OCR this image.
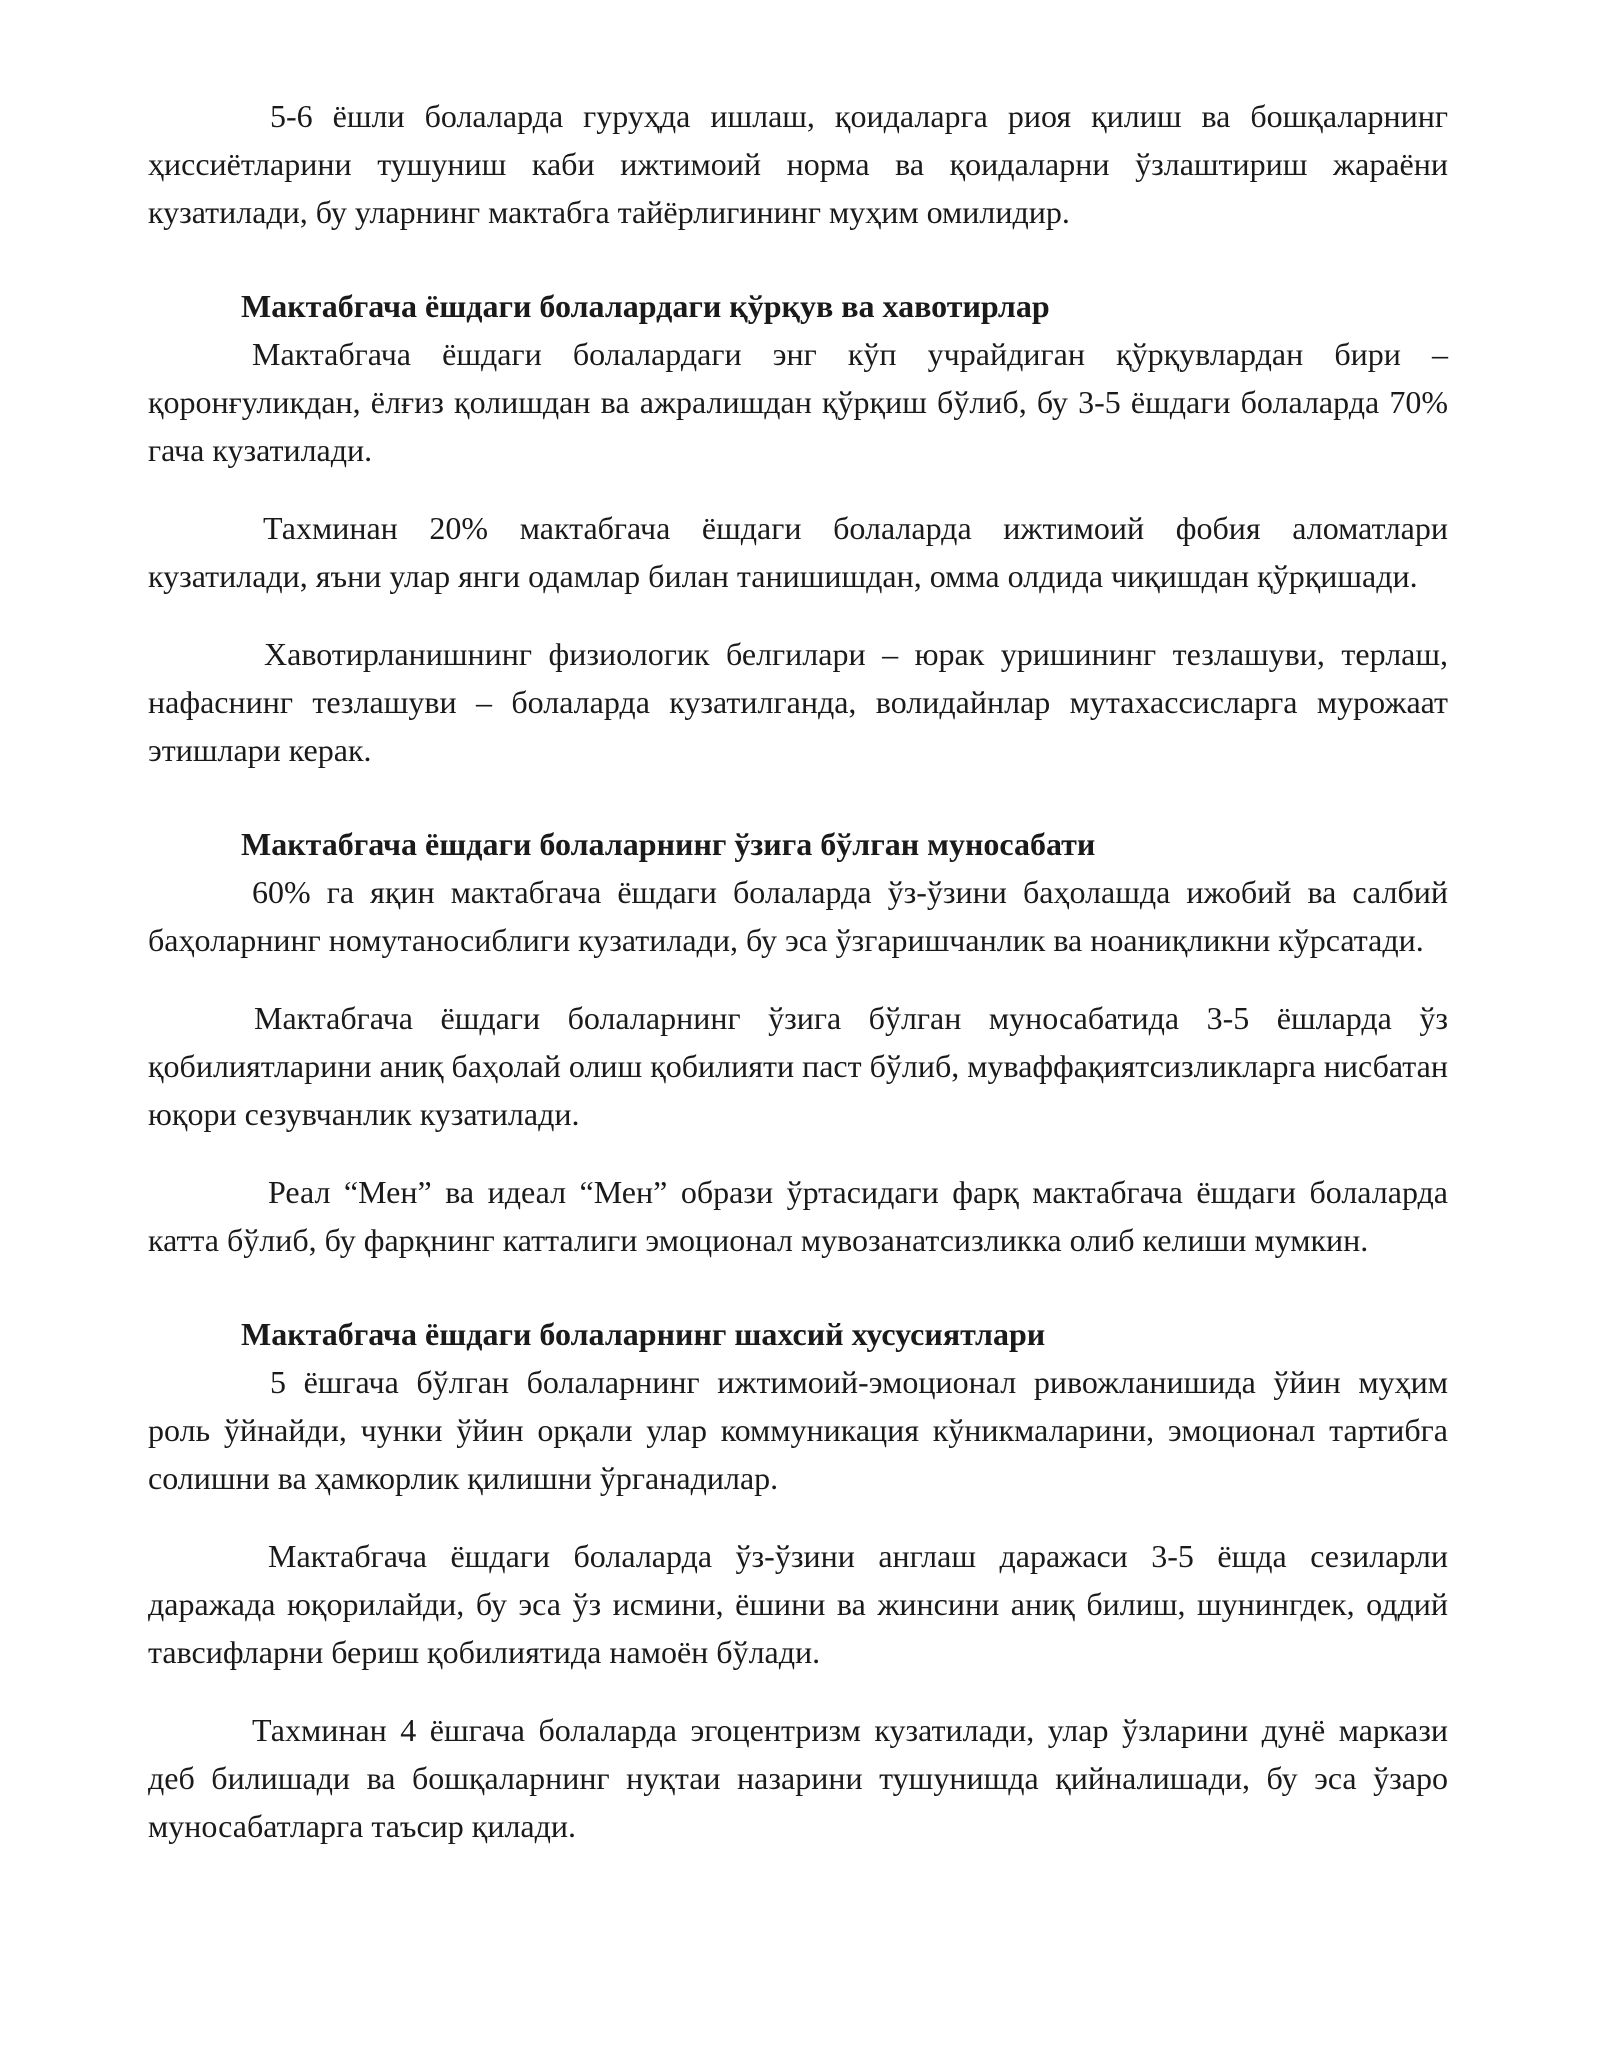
5-6 ёшли болаларда гуруҳда ишлаш, қоидаларга риоя қилиш ва бошқаларнинг ҳиссиётларини тушуниш каби ижтимоий норма ва қоидаларни ўзлаштириш жараёни кузатилади, бу уларнинг мактабга тайёрлигининг муҳим омилидир.

Мактабгача ёшдаги болалардаги қўрқув ва хавотирлар

Мактабгача ёшдаги болалардаги энг кўп учрайдиган қўрқувлардан бири – қоронғуликдан, ёлғиз қолишдан ва ажралишдан қўрқиш бўлиб, бу 3-5 ёшдаги болаларда 70% гача кузатилади.

Тахминан 20% мактабгача ёшдаги болаларда ижтимоий фобия аломатлари кузатилади, яъни улар янги одамлар билан танишишдан, омма олдида чиқишдан қўрқишади.

Хавотирланишнинг физиологик белгилари – юрак уришининг тезлашуви, терлаш, нафаснинг тезлашуви – болаларда кузатилганда, волидайнлар мутахассисларга мурожаат этишлари керак.

Мактабгача ёшдаги болаларнинг ўзига бўлган муносабати

60% га яқин мактабгача ёшдаги болаларда ўз-ўзини баҳолашда ижобий ва салбий баҳоларнинг номутаносиблиги кузатилади, бу эса ўзгаришчанлик ва ноаниқликни кўрсатади.

Мактабгача ёшдаги болаларнинг ўзига бўлган муносабатида 3-5 ёшларда ўз қобилиятларини аниқ баҳолай олиш қобилияти паст бўлиб, муваффақиятсизликларга нисбатан юқори сезувчанлик кузатилади.

Реал “Мен” ва идеал “Мен” образи ўртасидаги фарқ мактабгача ёшдаги болаларда катта бўлиб, бу фарқнинг катталиги эмоционал мувозанатсизликка олиб келиши мумкин.

Мактабгача ёшдаги болаларнинг шахсий хусусиятлари

5 ёшгача бўлган болаларнинг ижтимоий-эмоционал ривожланишида ўйин муҳим роль ўйнайди, чунки ўйин орқали улар коммуникация кўникмаларини, эмоционал тартибга солишни ва ҳамкорлик қилишни ўрганадилар.

Мактабгача ёшдаги болаларда ўз-ўзини англаш даражаси 3-5 ёшда сезиларли даражада юқорилайди, бу эса ўз исмини, ёшини ва жинсини аниқ билиш, шунингдек, оддий тавсифларни бериш қобилиятида намоён бўлади.

Тахминан 4 ёшгача болаларда эгоцентризм кузатилади, улар ўзларини дунё маркази деб билишади ва бошқаларнинг нуқтаи назарини тушунишда қийналишади, бу эса ўзаро муносабатларга таъсир қилади.
